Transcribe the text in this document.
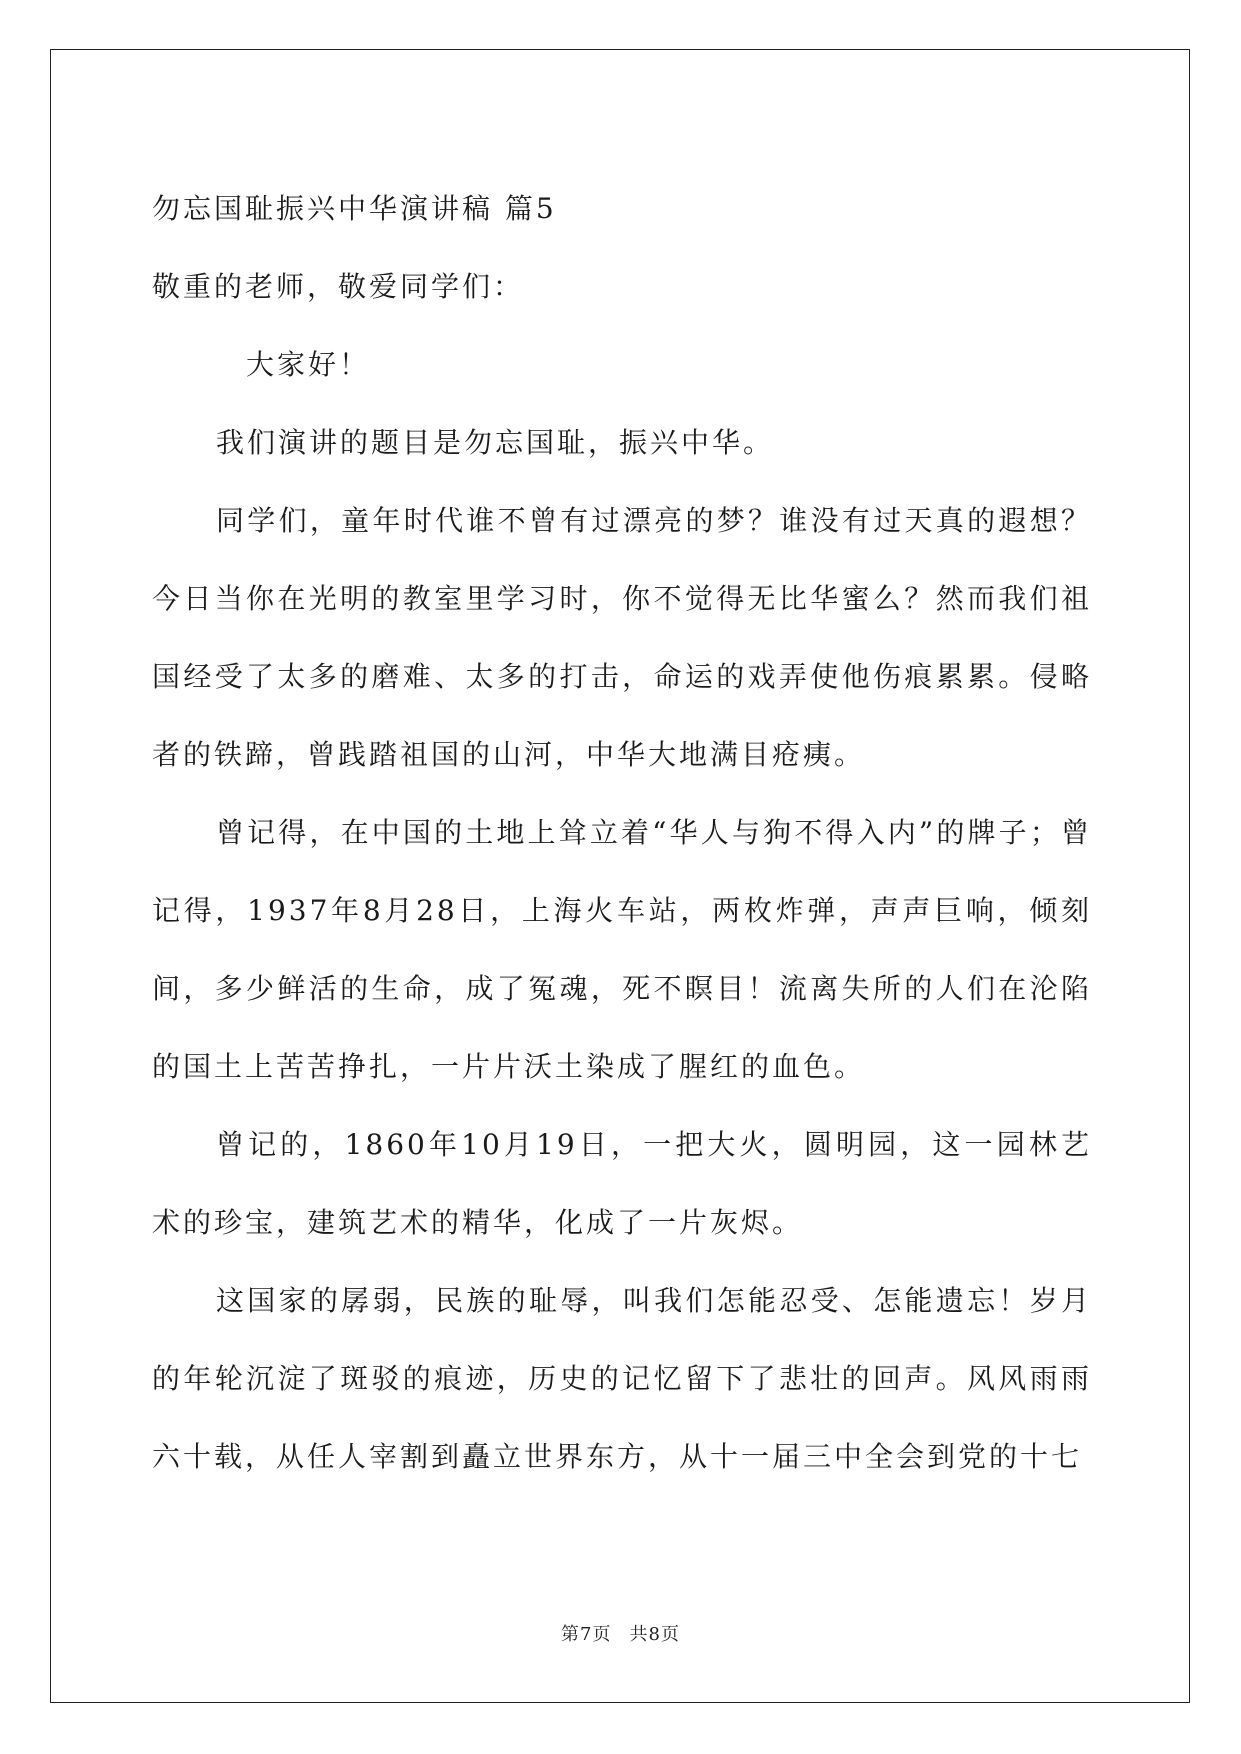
勿忘国耻振兴中华演讲稿 篇5

敬重的老师，敬爱同学们：

大家好！

我们演讲的题目是勿忘国耻，振兴中华。

同学们，童年时代谁不曾有过漂亮的梦？谁没有过天真的遐想？今日当你在光明的教室里学习时，你不觉得无比华蜜么？然而我们祖国经受了太多的磨难、太多的打击，命运的戏弄使他伤痕累累。侵略者的铁蹄，曾践踏祖国的山河，中华大地满目疮痍。

曾记得，在中国的土地上耸立着“华人与狗不得入内”的牌子；曾记得，1937年8月28日，上海火车站，两枚炸弹，声声巨响，倾刻间，多少鲜活的生命，成了冤魂，死不瞑目！流离失所的人们在沦陷的国土上苦苦挣扎，一片片沃土染成了腥红的血色。

曾记的，1860年10月19日，一把大火，圆明园，这一园林艺术的珍宝，建筑艺术的精华，化成了一片灰烬。

这国家的孱弱，民族的耻辱，叫我们怎能忍受、怎能遗忘！岁月的年轮沉淀了斑驳的痕迹，历史的记忆留下了悲壮的回声。风风雨雨六十载，从任人宰割到矗立世界东方，从十一届三中全会到党的十七

第7页 共8页
